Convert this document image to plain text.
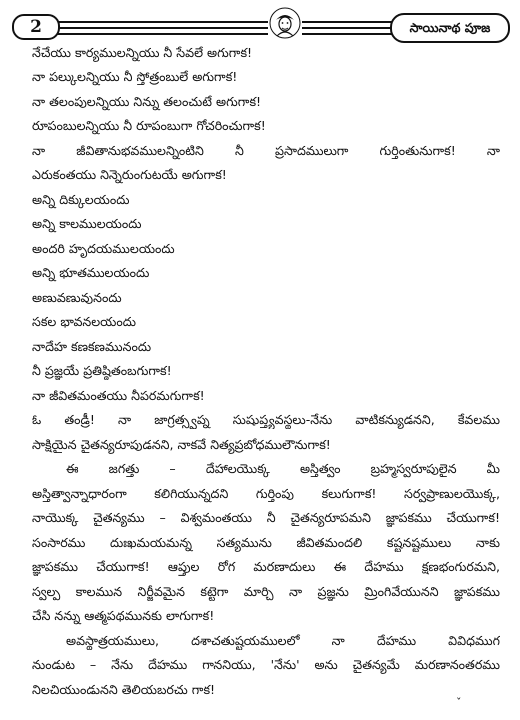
2	సాయినాథ పూజ
నేచేయు కార్యములన్నియు నీ సేవలే అగుగాక!
నా పల్కులన్నియు నీ స్తోత్రంబులే అగుగాక!
నా తలంపులన్నియు నిన్ను తలంచుటే అగుగాక!
రూపంబులన్నియు నీ రూపంబుగా గోచరించుగాక!
నా జీవితానుభవములన్నింటిని నీ ప్రసాదములుగా గుర్తింతునుగాక! నా
ఎరుకంతయు నిన్నెరుంగుటయే అగుగాక!
అన్ని దిక్కులయందు
అన్ని కాలములయందు
అందరి హృదయములయందు
అన్ని భూతములయందు
అణువణువునందు
సకల భావనలయందు
నాదేహ కణకణమునందు
నీ ప్రజ్ఞయే ప్రతిష్ఠితంబగుగాక!
నా జీవితమంతయు నీపరమగుగాక!
ఓ తండ్రీ! నా జాగ్రత్స్వప్న సుషుప్త్యవస్థలు-నేను వాటికన్యుడనని, కేవలము
సాక్షియైన చైతన్యరూపుడనని, నాకవే నిత్యప్రబోధములౌనుగాక!
ఈ జగత్తు – దేహాలయొక్క అస్తిత్వం బ్రహ్మస్వరూపులైన మీ
అస్తిత్వాన్నాధారంగా కలిగియున్నదని గుర్తింపు కలుగుగాక! సర్వప్రాణులయొక్క,
నాయొక్క చైతన్యము – విశ్వమంతయు నీ చైతన్యరూపమని జ్ఞాపకము చేయుగాక!
సంసారము దుఃఖమయమన్న సత్యమును జీవితమందలి కష్టనష్టములు నాకు
జ్ఞాపకము చేయుగాక! ఆప్తుల రోగ మరణాదులు ఈ దేహము క్షణభంగురమని,
స్వల్ప కాలమున నిర్జీవమైన కట్టెగా మార్చి నా ప్రజ్ఞను మ్రింగివేయునని జ్ఞాపకము
చేసి నన్ను ఆత్మపథమునకు లాగుగాక!
అవస్థాత్రయములు, దశాచతుష్టయములలో నా దేహము వివిధముగ
నుండుట – నేను దేహము గాననియు, 'నేను' అను చైతన్యమే మరణానంతరము
నిలచియుండునని తెలియబరచు గాక!
ˇ
